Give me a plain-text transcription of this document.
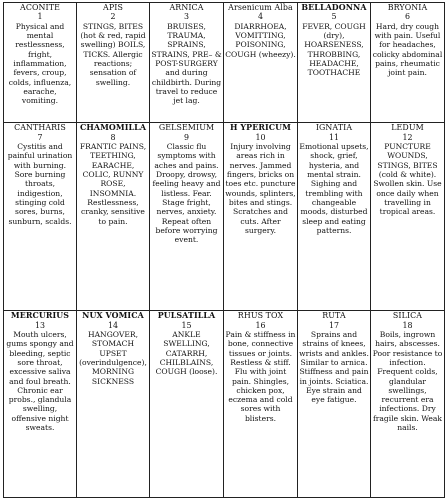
ACONITE
1
Physical and mental restlessness, fright, inflammation, fevers, croup, colds, influenza, earache, vomiting.	APIS
2
STINGS, BITES (hot & red, rapid swelling) BOILS, TICKS. Allergic reactions; sensation of swelling.	ARNICA
3
BRUISES, TRAUMA, SPRAINS, STRAINS, PRE– & POST-SURGERY and during childbirth. During travel to reduce jet lag.	Arsenicum Alba
4
DIARRHOEA, VOMITTING, POISONING, COUGH (wheezy).	BELLADONNA
5
FEVER, COUGH (dry), HOARSENESS, THROBBING, HEADACHE, TOOTHACHE	BRYONIA
6
Hard, dry cough with pain. Useful for headaches, colicky abdominal pains, rheumatic joint pain.

CANTHARIS
7
Cystitis and painful urination with burning. Sore burning throats, indigestion, stinging cold sores, burns, sunburn, scalds.	CHAMOMILLA
8
FRANTIC PAINS, TEETHING, EARACHE, COLIC, RUNNY ROSE, INSOMNIA. Restlessness, cranky, sensitive to pain.	GELSEMIUM
9
Classic flu symptoms with aches and pains. Droopy, drowsy, feeling heavy and listless. Fear. Stage fright, nerves, anxiety. Repeat often before worrying event.	H YPERICUM
10
Injury involving areas rich in nerves. Jammed fingers, bricks on toes etc. puncture wounds, splinters, bites and stings. Scratches and cuts. After surgery.	IGNATIA
11
Emotional upsets, shock, grief, hysteria, and mental strain. Sighing and trembling with changeable moods, disturbed sleep and eating patterns.	LEDUM
12
PUNCTURE WOUNDS, STINGS, BITES (cold & white). Swollen skin. Use once daily when travelling in tropical areas.

MERCURIUS
13
Mouth ulcers, gums spongy and bleeding, septic sore throat, excessive saliva and foul breath. Chronic ear probs., glandula swelling, offensive night sweats.	NUX VOMICA
14
HANGOVER, STOMACH UPSET (overindulgence), MORNING SICKNESS	PULSATILLA
15
ANKLE SWELLING, CATARRH, CHILBLAINS, COUGH (loose).	RHUS TOX
16
Pain & stiffness in bone, connective tissues or joints. Restless & stiff. Flu with joint pain. Shingles, chicken pox, eczema and cold sores with blisters.	RUTA
17
Sprains and strains of knees, wrists and ankles. Similar to arnica. Stiffness and pain in joints. Sciatica. Eye strain and eye fatigue.	SILICA
18
Boils, ingrown hairs, abscesses. Poor resistance to infection. Frequent colds, glandular swellings, recurrent era infections. Dry fragile skin. Weak nails.
